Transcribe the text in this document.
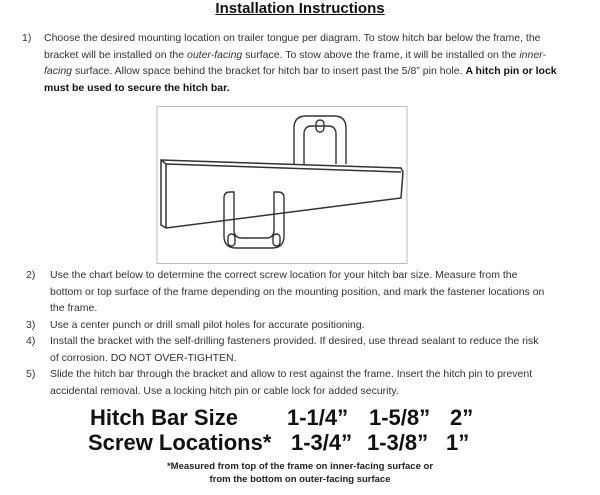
Installation Instructions
1)	Choose the desired mounting location on trailer tongue per diagram. To stow hitch bar below the frame, the bracket will be installed on the outer-facing surface. To stow above the frame, it will be installed on the inner-facing surface. Allow space behind the bracket for hitch bar to insert past the 5/8” pin hole. A hitch pin or lock must be used to secure the hitch bar.
2)	Use the chart below to determine the correct screw location for your hitch bar size. Measure from the bottom or top surface of the frame depending on the mounting position, and mark the fastener locations on the frame.
3)	Use a center punch or drill small pilot holes for accurate positioning.
4)	Install the bracket with the self-drilling fasteners provided. If desired, use thread sealant to reduce the risk of corrosion. DO NOT OVER-TIGHTEN.
5)	Slide the hitch bar through the bracket and allow to rest against the frame. Insert the hitch pin to prevent accidental removal. Use a locking hitch pin or cable lock for added security.
Hitch Bar Size 1-1/4” 1-5/8” 2”
Screw Locations* 1-3/4” 1-3/8” 1”
*Measured from top of the frame on inner-facing surface or
from the bottom on outer-facing surface
